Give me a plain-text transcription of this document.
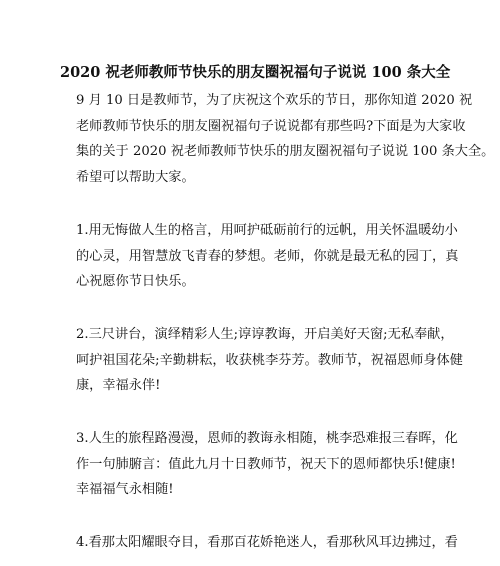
2020 祝老师教师节快乐的朋友圈祝福句子说说 100 条大全

9 月 10 日是教师节，为了庆祝这个欢乐的节日，那你知道 2020 祝
老师教师节快乐的朋友圈祝福句子说说都有那些吗?下面是为大家收
集的关于 2020 祝老师教师节快乐的朋友圈祝福句子说说 100 条大全。
希望可以帮助大家。

1.用无悔做人生的格言，用呵护砥砺前行的远帆，用关怀温暖幼小
的心灵，用智慧放飞青春的梦想。老师，你就是最无私的园丁，真
心祝愿你节日快乐。

2.三尺讲台，演绎精彩人生;谆谆教诲，开启美好天窗;无私奉献，
呵护祖国花朵;辛勤耕耘，收获桃李芬芳。教师节，祝福恩师身体健
康，幸福永伴!

3.人生的旅程路漫漫，恩师的教诲永相随，桃李恐难报三春晖，化
作一句肺腑言：值此九月十日教师节，祝天下的恩师都快乐!健康!
幸福福气永相随!

4.看那太阳耀眼夺目，看那百花娇艳迷人，看那秋风耳边拂过，看
